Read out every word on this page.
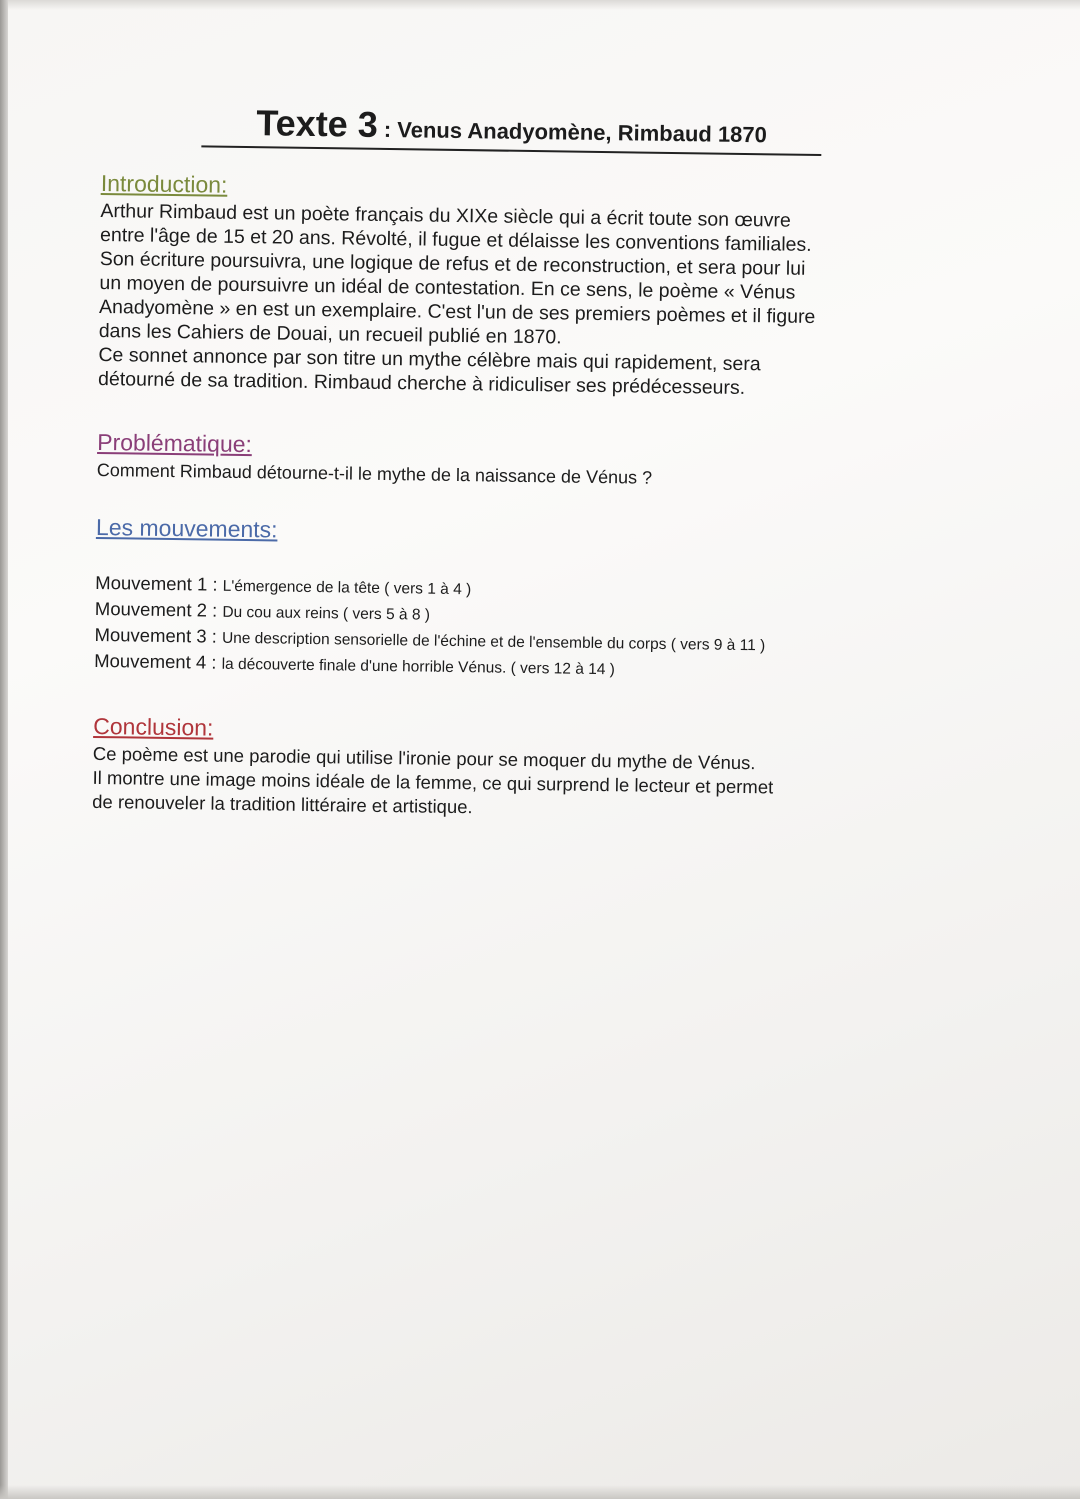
Texte 3 : Venus Anadyomène, Rimbaud 1870
Introduction:

Arthur Rimbaud est un poète français du XIXe siècle qui a écrit toute son œuvre

entre l'âge de 15 et 20 ans. Révolté, il fugue et délaisse les conventions familiales.

Son écriture poursuivra, une logique de refus et de reconstruction, et sera pour lui

un moyen de poursuivre un idéal de contestation. En ce sens, le poème « Vénus

Anadyomène » en est un exemplaire. C'est l'un de ses premiers poèmes et il figure

dans les Cahiers de Douai, un recueil publié en 1870.

Ce sonnet annonce par son titre un mythe célèbre mais qui rapidement, sera

détourné de sa tradition. Rimbaud cherche à ridiculiser ses prédécesseurs.

Problématique:
Comment Rimbaud détourne-t-il le mythe de la naissance de Vénus ?
Les mouvements:
Mouvement 1 : L'émergence de la tête ( vers 1 à 4 )
Mouvement 2 : Du cou aux reins ( vers 5 à 8 )
Mouvement 3 : Une description sensorielle de l'échine et de l'ensemble du corps ( vers 9 à 11 )
Mouvement 4 : la découverte finale d'une horrible Vénus. ( vers 12 à 14 )
Conclusion:
Ce poème est une parodie qui utilise l'ironie pour se moquer du mythe de Vénus.
Il montre une image moins idéale de la femme, ce qui surprend le lecteur et permet
de renouveler la tradition littéraire et artistique.
